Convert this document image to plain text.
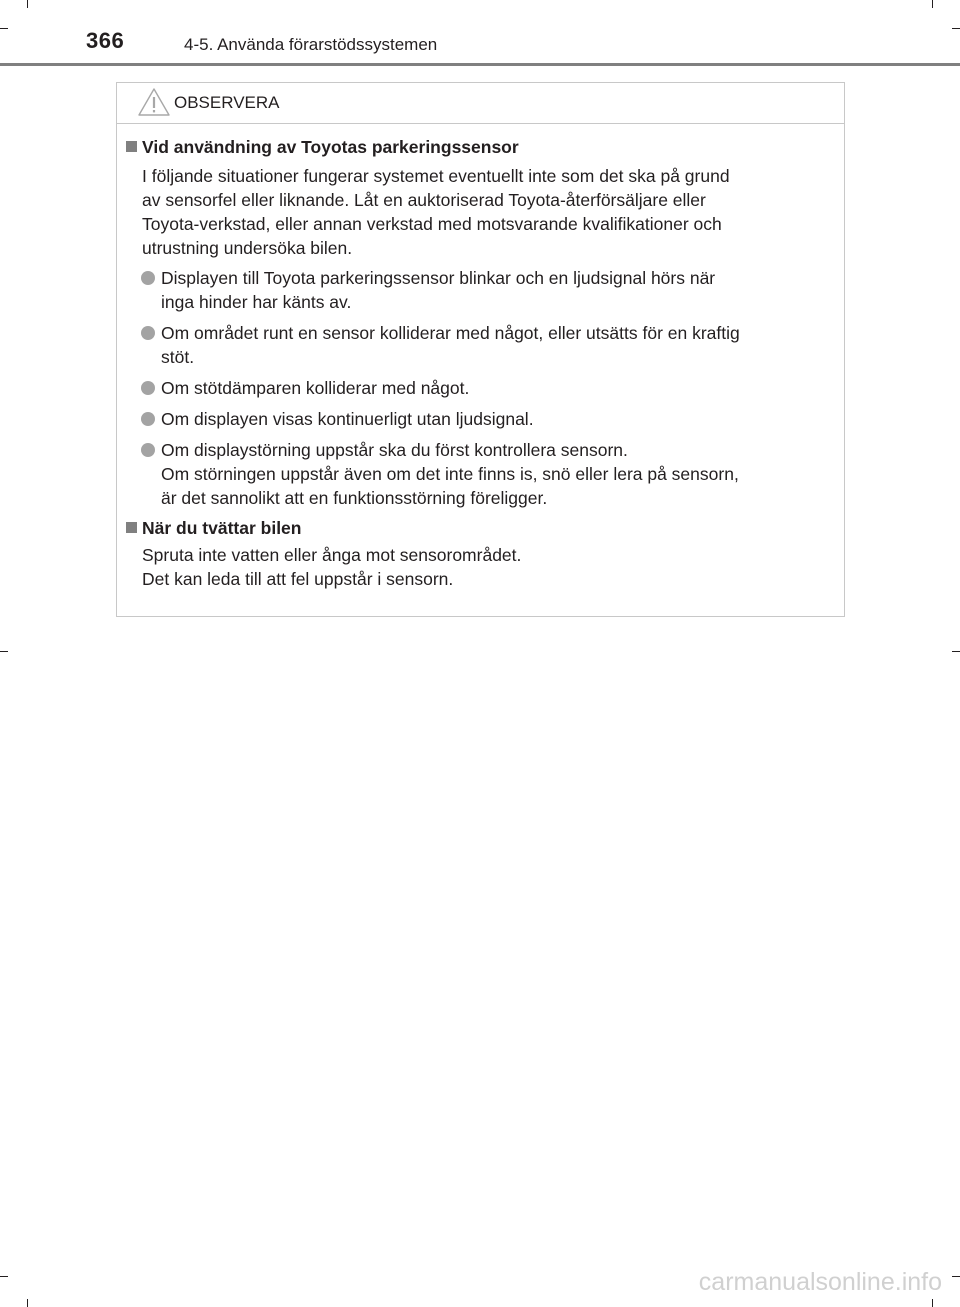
366	4-5. Använda förarstödssystemen
OBSERVERA
Vid användning av Toyotas parkeringssensor
I följande situationer fungerar systemet eventuellt inte som det ska på grund
av sensorfel eller liknande. Låt en auktoriserad Toyota-återförsäljare eller
Toyota-verkstad, eller annan verkstad med motsvarande kvalifikationer och
utrustning undersöka bilen.
Displayen till Toyota parkeringssensor blinkar och en ljudsignal hörs när
inga hinder har känts av.
Om området runt en sensor kolliderar med något, eller utsätts för en kraftig
stöt.
Om stötdämparen kolliderar med något.
Om displayen visas kontinuerligt utan ljudsignal.
Om displaystörning uppstår ska du först kontrollera sensorn.
Om störningen uppstår även om det inte finns is, snö eller lera på sensorn,
är det sannolikt att en funktionsstörning föreligger.
När du tvättar bilen
Spruta inte vatten eller ånga mot sensorområdet.
Det kan leda till att fel uppstår i sensorn.
carmanualsonline.info
